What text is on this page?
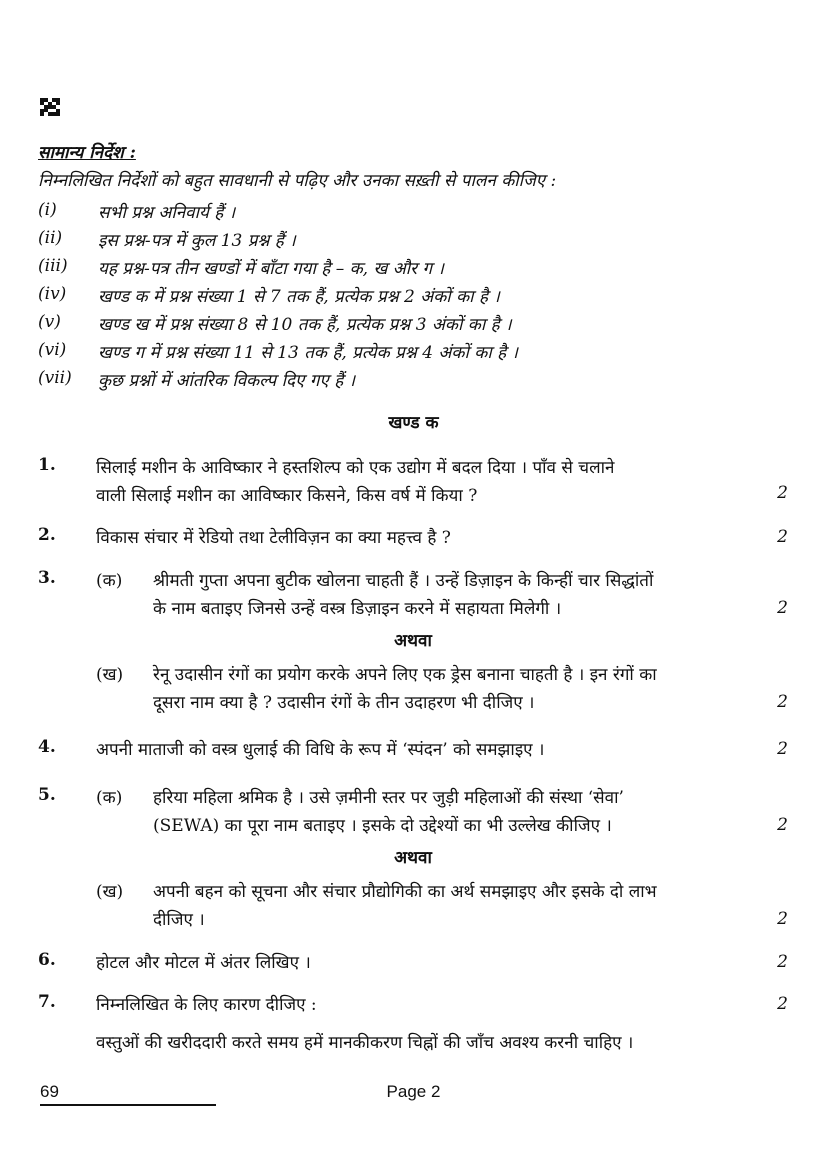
सामान्य निर्देश :
निम्नलिखित निर्देशों को बहुत सावधानी से पढ़िए और उनका सख़्ती से पालन कीजिए :
(i) सभी प्रश्न अनिवार्य हैं ।
(ii) इस प्रश्न-पत्र में कुल 13 प्रश्न हैं ।
(iii) यह प्रश्न-पत्र तीन खण्डों में बाँटा गया है – क, ख और ग ।
(iv) खण्ड क में प्रश्न संख्या 1 से 7 तक हैं, प्रत्येक प्रश्न 2 अंकों का है ।
(v) खण्ड ख में प्रश्न संख्या 8 से 10 तक हैं, प्रत्येक प्रश्न 3 अंकों का है ।
(vi) खण्ड ग में प्रश्न संख्या 11 से 13 तक हैं, प्रत्येक प्रश्न 4 अंकों का है ।
(vii) कुछ प्रश्नों में आंतरिक विकल्प दिए गए हैं ।
खण्ड क
1. सिलाई मशीन के आविष्कार ने हस्तशिल्प को एक उद्योग में बदल दिया । पाँव से चलाने
वाली सिलाई मशीन का आविष्कार किसने, किस वर्ष में किया ?	2
2. विकास संचार में रेडियो तथा टेलीविज़न का क्या महत्त्व है ?	2
3. (क) श्रीमती गुप्ता अपना बुटीक खोलना चाहती हैं । उन्हें डिज़ाइन के किन्हीं चार सिद्धांतों
के नाम बताइए जिनसे उन्हें वस्त्र डिज़ाइन करने में सहायता मिलेगी ।	2
अथवा
(ख) रेनू उदासीन रंगों का प्रयोग करके अपने लिए एक ड्रेस बनाना चाहती है । इन रंगों का
दूसरा नाम क्या है ? उदासीन रंगों के तीन उदाहरण भी दीजिए ।	2
4. अपनी माताजी को वस्त्र धुलाई की विधि के रूप में ‘स्पंदन’ को समझाइए ।	2
5. (क) हरिया महिला श्रमिक है । उसे ज़मीनी स्तर पर जुड़ी महिलाओं की संस्था ‘सेवा’
(SEWA) का पूरा नाम बताइए । इसके दो उद्देश्यों का भी उल्लेख कीजिए ।	2
अथवा
(ख) अपनी बहन को सूचना और संचार प्रौद्योगिकी का अर्थ समझाइए और इसके दो लाभ
दीजिए ।	2
6. होटल और मोटल में अंतर लिखिए ।	2
7. निम्नलिखित के लिए कारण दीजिए :	2
वस्तुओं की खरीददारी करते समय हमें मानकीकरण चिह्नों की जाँच अवश्य करनी चाहिए ।
69	Page 2
